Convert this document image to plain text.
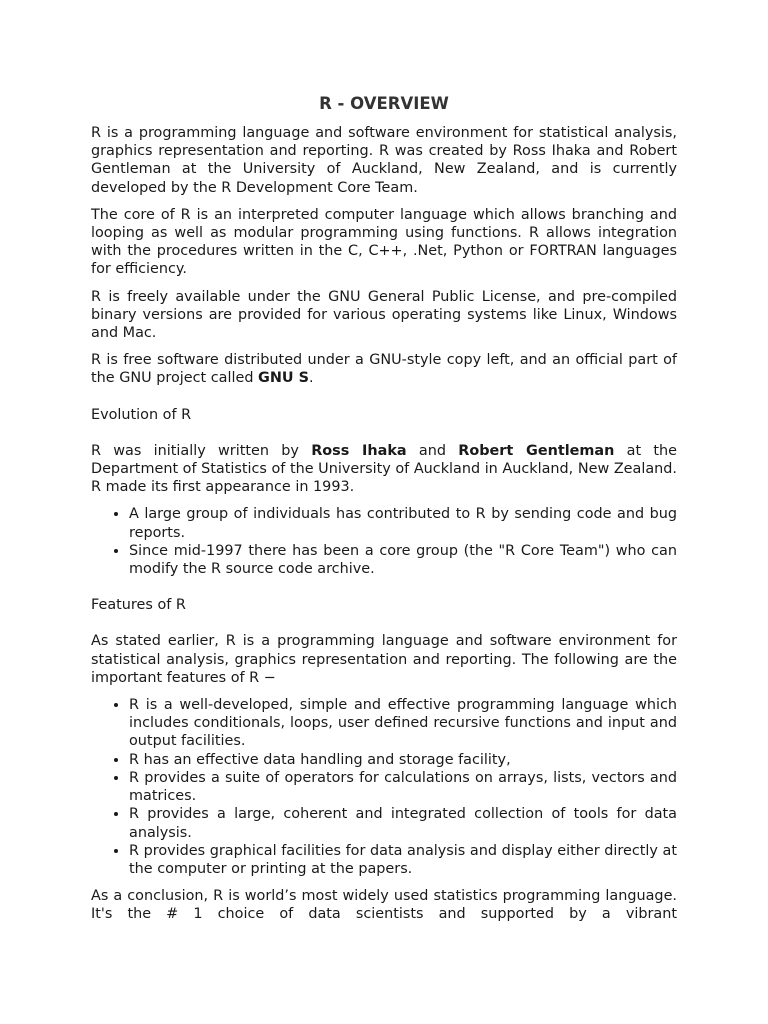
R - OVERVIEW

R is a programming language and software environment for statistical analysis, graphics representation and reporting. R was created by Ross Ihaka and Robert Gentleman at the University of Auckland, New Zealand, and is currently developed by the R Development Core Team.

The core of R is an interpreted computer language which allows branching and looping as well as modular programming using functions. R allows integration with the procedures written in the C, C++, .Net, Python or FORTRAN languages for efficiency.

R is freely available under the GNU General Public License, and pre-compiled binary versions are provided for various operating systems like Linux, Windows and Mac.

R is free software distributed under a GNU-style copy left, and an official part of the GNU project called GNU S.

Evolution of R

R was initially written by Ross Ihaka and Robert Gentleman at the Department of Statistics of the University of Auckland in Auckland, New Zealand. R made its first appearance in 1993.

• A large group of individuals has contributed to R by sending code and bug reports.
• Since mid-1997 there has been a core group (the "R Core Team") who can modify the R source code archive.

Features of R

As stated earlier, R is a programming language and software environment for statistical analysis, graphics representation and reporting. The following are the important features of R −

• R is a well-developed, simple and effective programming language which includes conditionals, loops, user defined recursive functions and input and output facilities.
• R has an effective data handling and storage facility,
• R provides a suite of operators for calculations on arrays, lists, vectors and matrices.
• R provides a large, coherent and integrated collection of tools for data analysis.
• R provides graphical facilities for data analysis and display either directly at the computer or printing at the papers.

As a conclusion, R is world’s most widely used statistics programming language. It's the # 1 choice of data scientists and supported by a vibrant
